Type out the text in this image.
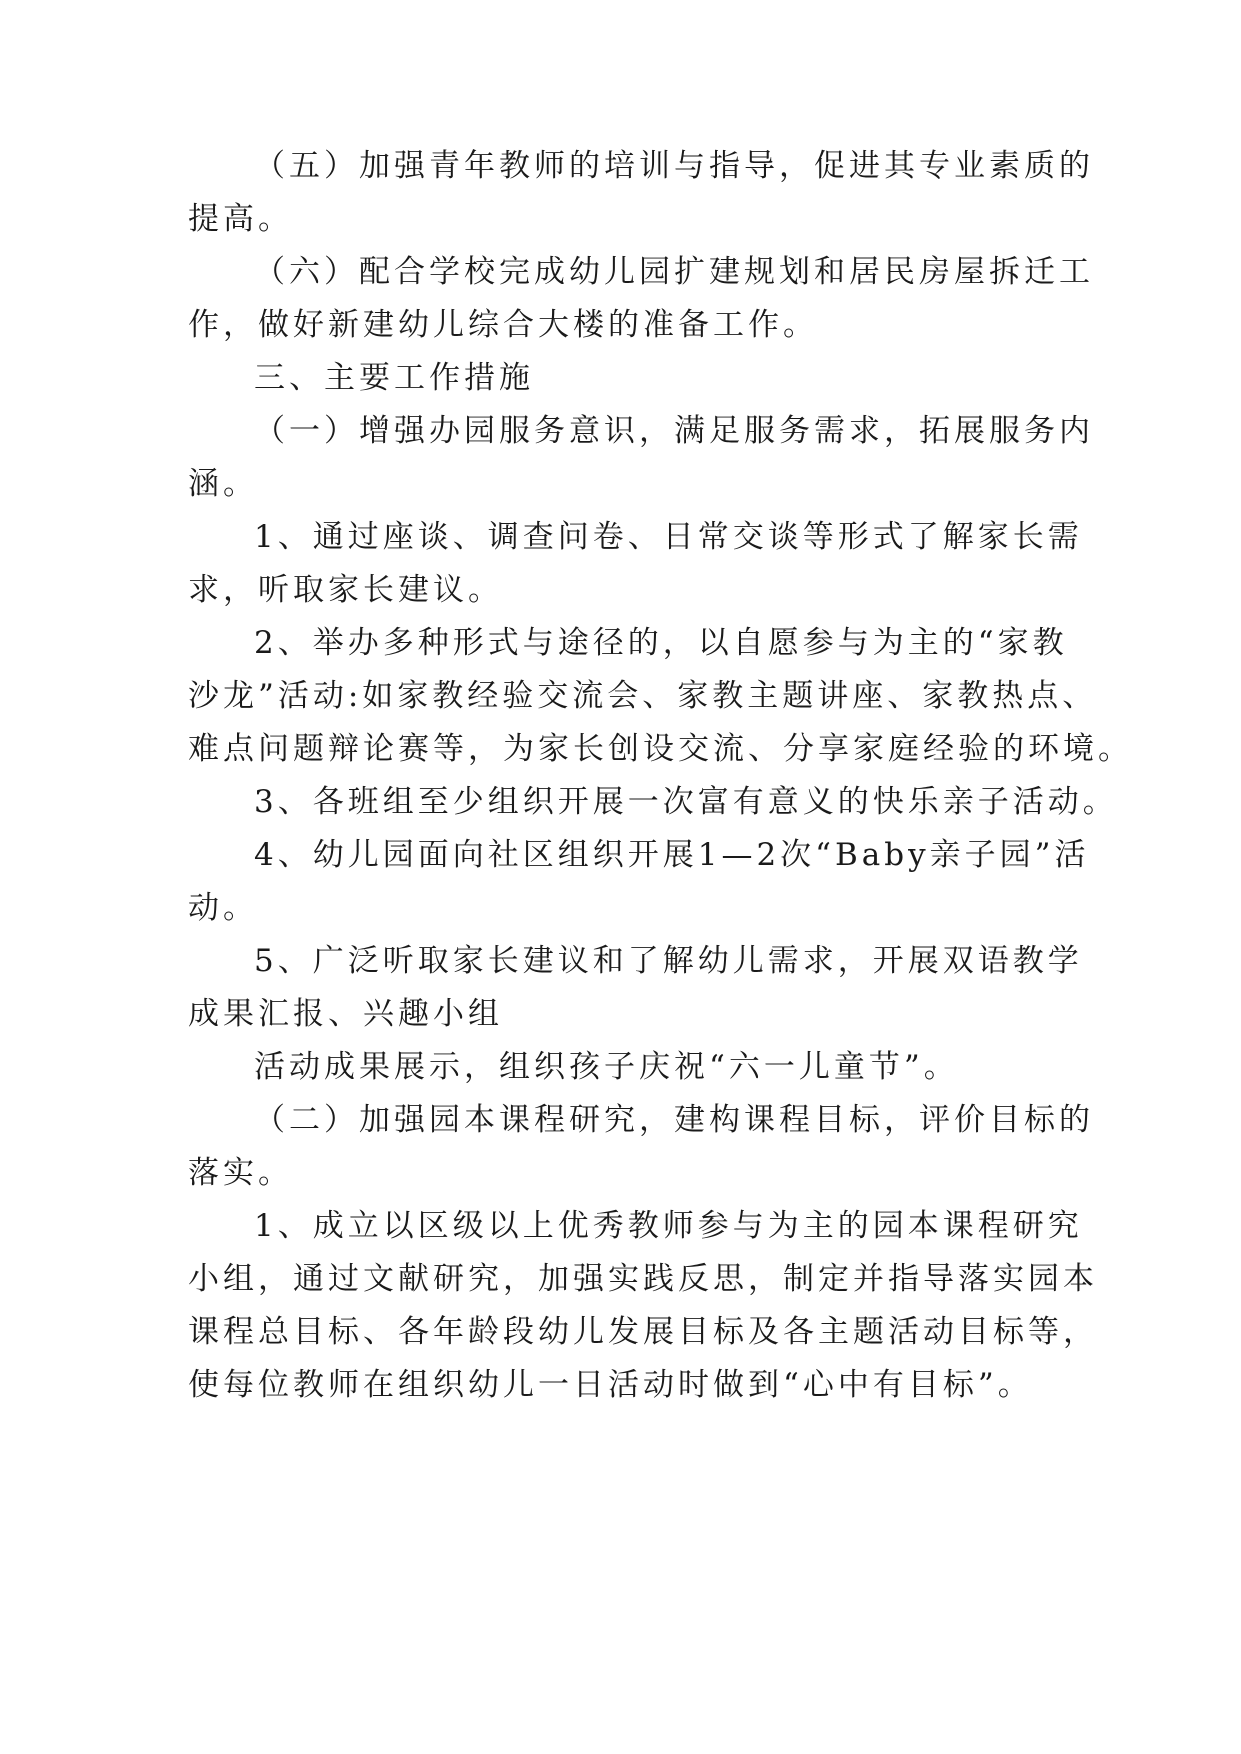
（五）加强青年教师的培训与指导，促进其专业素质的
提高。
（六）配合学校完成幼儿园扩建规划和居民房屋拆迁工
作，做好新建幼儿综合大楼的准备工作。
三、主要工作措施
（一）增强办园服务意识，满足服务需求，拓展服务内
涵。
1、通过座谈、调查问卷、日常交谈等形式了解家长需
求，听取家长建议。
2、举办多种形式与途径的，以自愿参与为主的“家教
沙龙”活动:如家教经验交流会、家教主题讲座、家教热点、
难点问题辩论赛等，为家长创设交流、分享家庭经验的环境。
3、各班组至少组织开展一次富有意义的快乐亲子活动。
4、幼儿园面向社区组织开展1—2次“Baby亲子园”活
动。
5、广泛听取家长建议和了解幼儿需求，开展双语教学
成果汇报、兴趣小组
活动成果展示，组织孩子庆祝“六一儿童节”。
（二）加强园本课程研究，建构课程目标，评价目标的
落实。
1、成立以区级以上优秀教师参与为主的园本课程研究
小组，通过文献研究，加强实践反思，制定并指导落实园本
课程总目标、各年龄段幼儿发展目标及各主题活动目标等，
使每位教师在组织幼儿一日活动时做到“心中有目标”。
